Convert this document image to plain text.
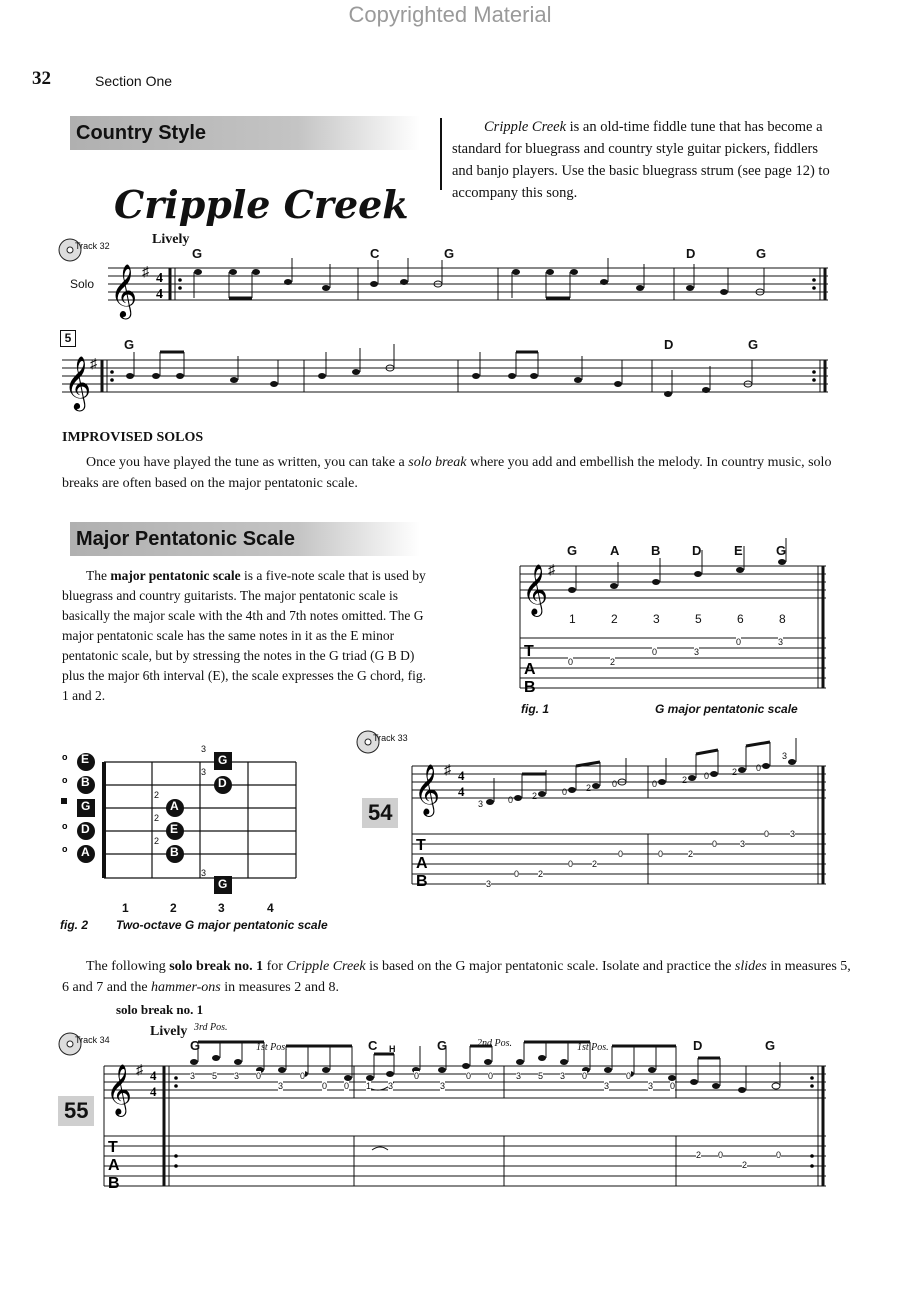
Copyrighted Material
32	Section One
Country Style	Cripple Creek is an old-time fiddle tune that has become a standard for bluegrass and country style guitar pickers, fiddlers and banjo players. Use the basic bluegrass strum (see page 12) to accompany this song.
Cripple Creek
Track 32	Lively
Solo
G	C	G	D	G
𝄞 ♯ 4
4
5	G	D	G
𝄞
♯
IMPROVISED SOLOS
Once you have played the tune as written, you can take a solo break where you add and embellish the melody. In country music, solo breaks are often based on the major pentatonic scale.
Major Pentatonic Scale
The major pentatonic scale is a five-note scale that is used by bluegrass and country guitarists. The major pentatonic scale is basically the major scale with the 4th and 7th notes omitted. The G major pentatonic scale has the same notes in it as the E minor pentatonic scale, but by stressing the notes in the G triad (G B D) plus the major 6th interval (E), the scale expresses the G chord, fig. 1 and 2.
G	A B D	E	G
𝄞 ♯
T
A
B
1	2	3	5	6	8
0	2
0	3
0	3
fig. 1	G major pentatonic scale
o
o
o
o
E
B
G
D
A
3
G
3
D
2
A
2
E
2
B
3
G
1	2	3	4
fig. 2 Two-octave G major pentatonic scale
Track 33
54 𝄞 ♯ 4
4
T
A
B
3	0 2	0 2 0	0	2 0	2 0
3
3
0 2
0 2
0	0	2
0	3
0 3
The following solo break no. 1 for Cripple Creek is based on the G major pentatonic scale. Isolate and practice the slides in measures 5, 6 and 7 and the hammer-ons in measures 2 and 8.
solo break no. 1
Track 34
Lively
55
G	C	G	D	G
H
3rd Pos.
1st Pos.	2nd Pos.	1st Pos.
𝄞 ♯ 4
4
T
A
B
3 5 3 0
3
0
0 0 1 3
0
3
0 0	3 5 3 0
3
0
3 0
2 0
2
0
